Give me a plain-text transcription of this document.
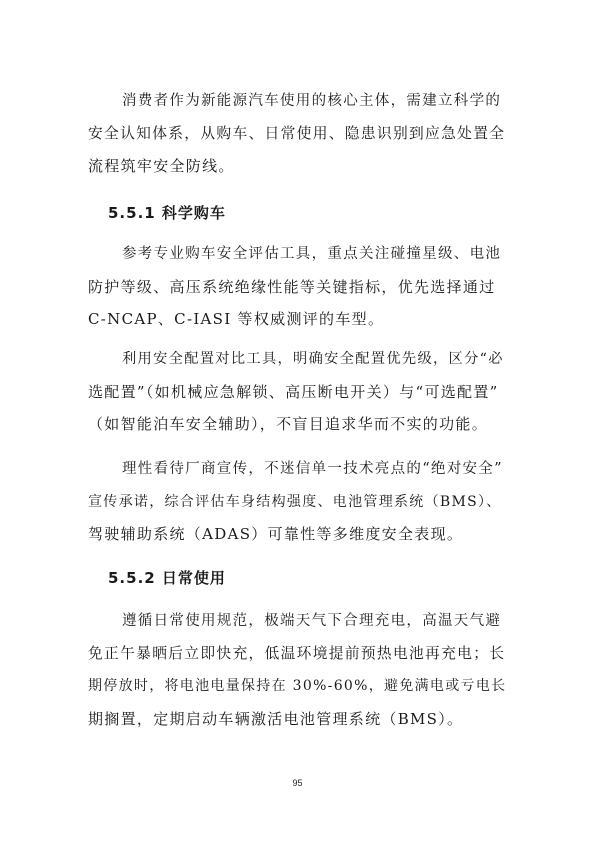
消费者作为新能源汽车使用的核心主体，需建立科学的
安全认知体系，从购车、日常使用、隐患识别到应急处置全
流程筑牢安全防线。

5.5.1 科学购车

参考专业购车安全评估工具，重点关注碰撞星级、电池
防护等级、高压系统绝缘性能等关键指标，优先选择通过
C-NCAP、C-IASI 等权威测评的车型。

利用安全配置对比工具，明确安全配置优先级，区分“必
选配置”（如机械应急解锁、高压断电开关）与“可选配置”
（如智能泊车安全辅助），不盲目追求华而不实的功能。

理性看待厂商宣传，不迷信单一技术亮点的“绝对安全”
宣传承诺，综合评估车身结构强度、电池管理系统（BMS）、
驾驶辅助系统（ADAS）可靠性等多维度安全表现。

5.5.2 日常使用

遵循日常使用规范，极端天气下合理充电，高温天气避
免正午暴晒后立即快充，低温环境提前预热电池再充电；长
期停放时，将电池电量保持在 30%-60%，避免满电或亏电长
期搁置，定期启动车辆激活电池管理系统（BMS）。

95
